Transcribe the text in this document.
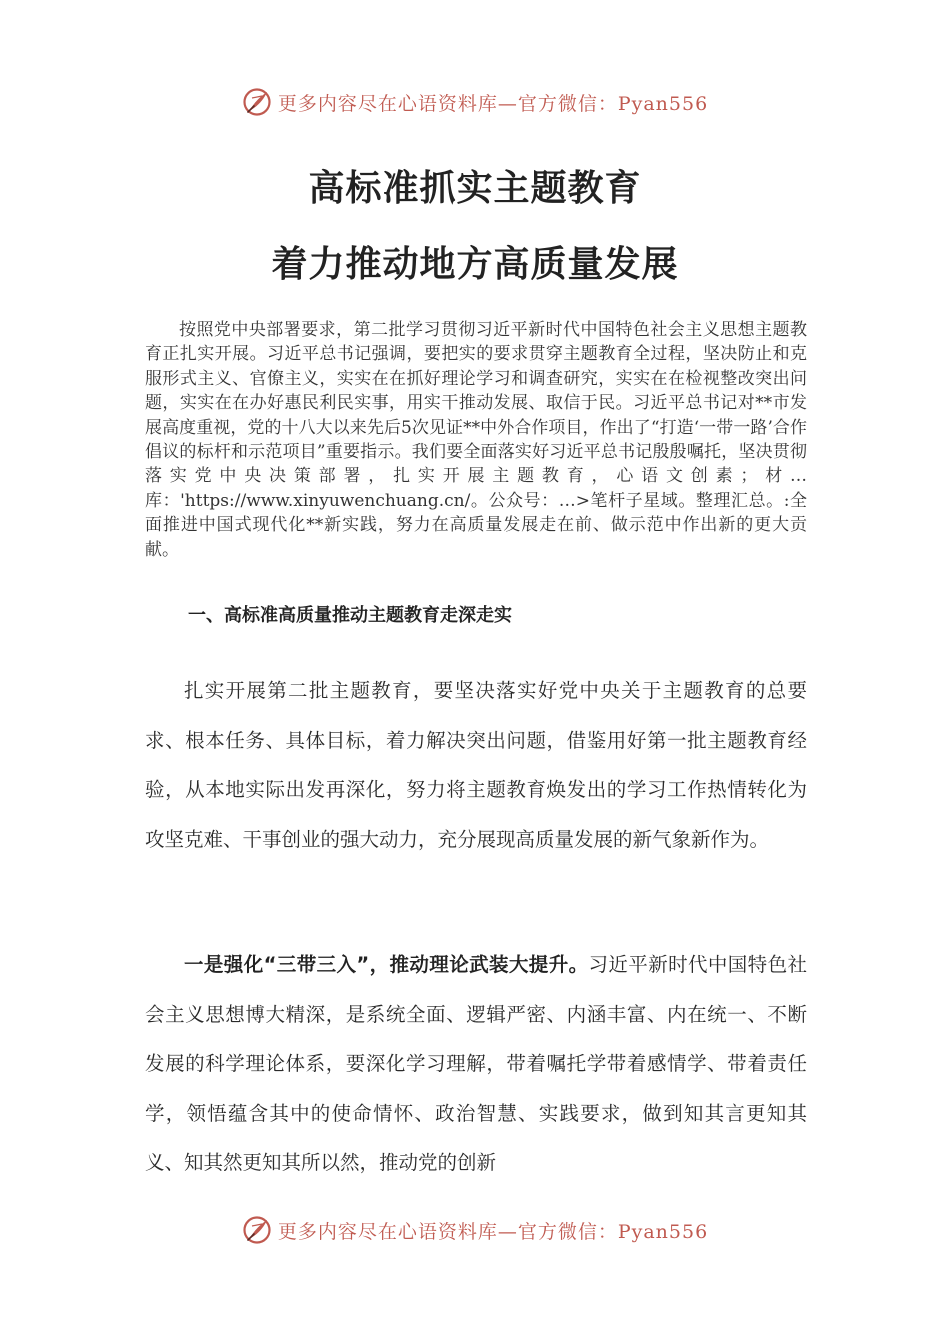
更多内容尽在心语资料库—官方微信：Pyan556
高标准抓实主题教育
着力推动地方高质量发展

按照党中央部署要求，第二批学习贯彻习近平新时代中国特色社会主义思想主题教育正扎实开展。习近平总书记强调，要把实的要求贯穿主题教育全过程，坚决防止和克服形式主义、官僚主义，实实在在抓好理论学习和调查研究，实实在在检视整改突出问题，实实在在办好惠民利民实事，用实干推动发展、取信于民。习近平总书记对**市发展高度重视，党的十八大以来先后5次见证**中外合作项目，作出了“打造‘一带一路’合作倡议的标杆和示范项目”重要指示。我们要全面落实好习近平总书记殷殷嘱托，坚决贯彻落实党中央决策部署，扎实开展主题教育，心语文创素；材…库：'https://www.xinyuwenchuang.cn/。公众号：…>笔杆子星域。整理汇总。:全面推进中国式现代化**新实践，努力在高质量发展走在前、做示范中作出新的更大贡献。

一、高标准高质量推动主题教育走深走实

扎实开展第二批主题教育，要坚决落实好党中央关于主题教育的总要求、根本任务、具体目标，着力解决突出问题，借鉴用好第一批主题教育经验，从本地实际出发再深化，努力将主题教育焕发出的学习工作热情转化为攻坚克难、干事创业的强大动力，充分展现高质量发展的新气象新作为。

一是强化“三带三入”，推动理论武装大提升。习近平新时代中国特色社会主义思想博大精深，是系统全面、逻辑严密、内涵丰富、内在统一、不断发展的科学理论体系，要深化学习理解，带着嘱托学带着感情学、带着责任学，领悟蕴含其中的使命情怀、政治智慧、实践要求，做到知其言更知其义、知其然更知其所以然，推动党的创新

更多内容尽在心语资料库—官方微信：Pyan556
